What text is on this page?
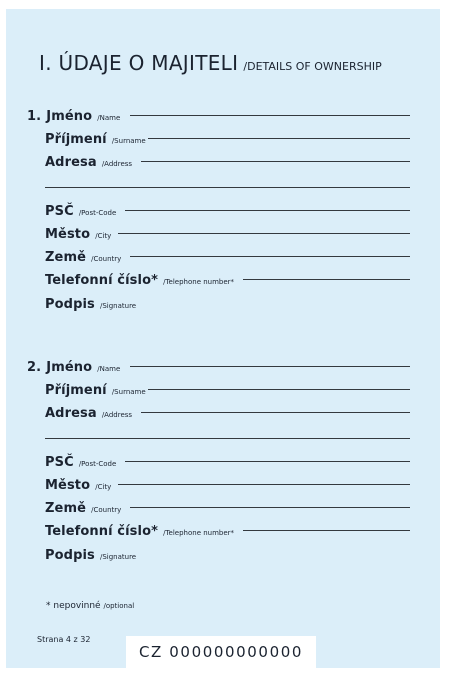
I. ÚDAJE O MAJITELI /DETAILS OF OWNERSHIP
1. Jméno /Name
Příjmení /Surname
Adresa /Address
PSČ /Post-Code
Město /City
Země /Country
Telefonní číslo* /Telephone number*
Podpis /Signature
2. Jméno /Name
Příjmení /Surname
Adresa /Address
PSČ /Post-Code
Město /City
Země /Country
Telefonní číslo* /Telephone number*
Podpis /Signature
* nepovinné /optional
Strana 4 z 32
CZ 000000000000
